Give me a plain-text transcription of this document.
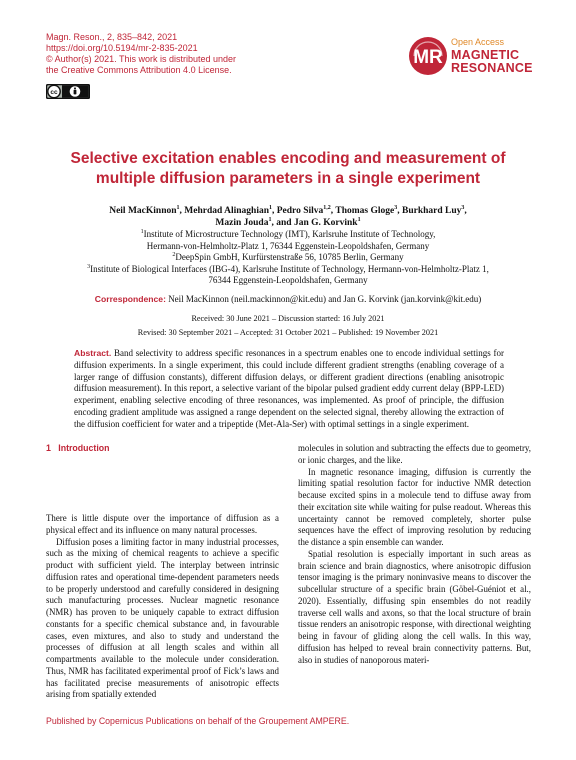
Magn. Reson., 2, 835–842, 2021
https://doi.org/10.5194/mr-2-835-2021
© Author(s) 2021. This work is distributed under
the Creative Commons Attribution 4.0 License.
cc
MR
Open Access
MAGNETIC
RESONANCE
Selective excitation enables encoding and measurement of multiple diffusion parameters in a single experiment
Neil MacKinnon$^1$, Mehrdad Alinaghian$^1$, Pedro Silva$^{1,2}$, Thomas Gloge$^3$, Burkhard Luy$^3$,
Mazin Jouda$^1$, and Jan G. Korvink$^1$
$^1$Institute of Microstructure Technology (IMT), Karlsruhe Institute of Technology,
Hermann-von-Helmholtz-Platz 1, 76344 Eggenstein-Leopoldshafen, Germany
$^2$DeepSpin GmbH, Kurfürstenstraße 56, 10785 Berlin, Germany
$^3$Institute of Biological Interfaces (IBG-4), Karlsruhe Institute of Technology, Hermann-von-Helmholtz-Platz 1,
76344 Eggenstein-Leopoldshafen, Germany
Correspondence: Neil MacKinnon (neil.mackinnon@kit.edu) and Jan G. Korvink (jan.korvink@kit.edu)
Received: 30 June 2021 – Discussion started: 16 July 2021
Revised: 30 September 2021 – Accepted: 31 October 2021 – Published: 19 November 2021
Abstract. Band selectivity to address specific resonances in a spectrum enables one to encode individual settings for diffusion experiments. In a single experiment, this could include different gradient strengths (enabling coverage of a larger range of diffusion constants), different diffusion delays, or different gradient directions (enabling anisotropic diffusion measurement). In this report, a selective variant of the bipolar pulsed gradient eddy current delay (BPP-LED) experiment, enabling selective encoding of three resonances, was implemented. As proof of principle, the diffusion encoding gradient amplitude was assigned a range dependent on the selected signal, thereby allowing the extraction of the diffusion coefficient for water and a tripeptide (Met-Ala-Ser) with optimal settings in a single experiment.
1 Introduction

There is little dispute over the importance of diffusion as a physical effect and its influence on many natural processes.

Diffusion poses a limiting factor in many industrial processes, such as the mixing of chemical reagents to achieve a specific product with sufficient yield. The interplay between intrinsic diffusion rates and operational time-dependent parameters needs to be properly understood and carefully considered in designing such manufacturing processes. Nuclear magnetic resonance (NMR) has proven to be uniquely capable to extract diffusion constants for a specific chemical substance and, in favourable cases, even mixtures, and also to study and understand the processes of diffusion at all length scales and within all compartments available to the molecule under consideration. Thus, NMR has facilitated experimental proof of Fick’s laws and has facilitated precise measurements of anisotropic effects arising from spatially extended

molecules in solution and subtracting the effects due to geometry, or ionic charges, and the like.

In magnetic resonance imaging, diffusion is currently the limiting spatial resolution factor for inductive NMR detection because excited spins in a molecule tend to diffuse away from their excitation site while waiting for pulse readout. Whereas this uncertainty cannot be removed completely, shorter pulse sequences have the effect of improving resolution by reducing the distance a spin ensemble can wander.

Spatial resolution is especially important in such areas as brain science and brain diagnostics, where anisotropic diffusion tensor imaging is the primary noninvasive means to discover the subcellular structure of a specific brain (Göbel-Guéniot et al., 2020). Essentially, diffusing spin ensembles do not readily traverse cell walls and axons, so that the local structure of brain tissue renders an anisotropic response, with directional weighting being in favour of gliding along the cell walls. In this way, diffusion has helped to reveal brain connectivity patterns. But, also in studies of nanoporous materi-

Published by Copernicus Publications on behalf of the Groupement AMPERE.
